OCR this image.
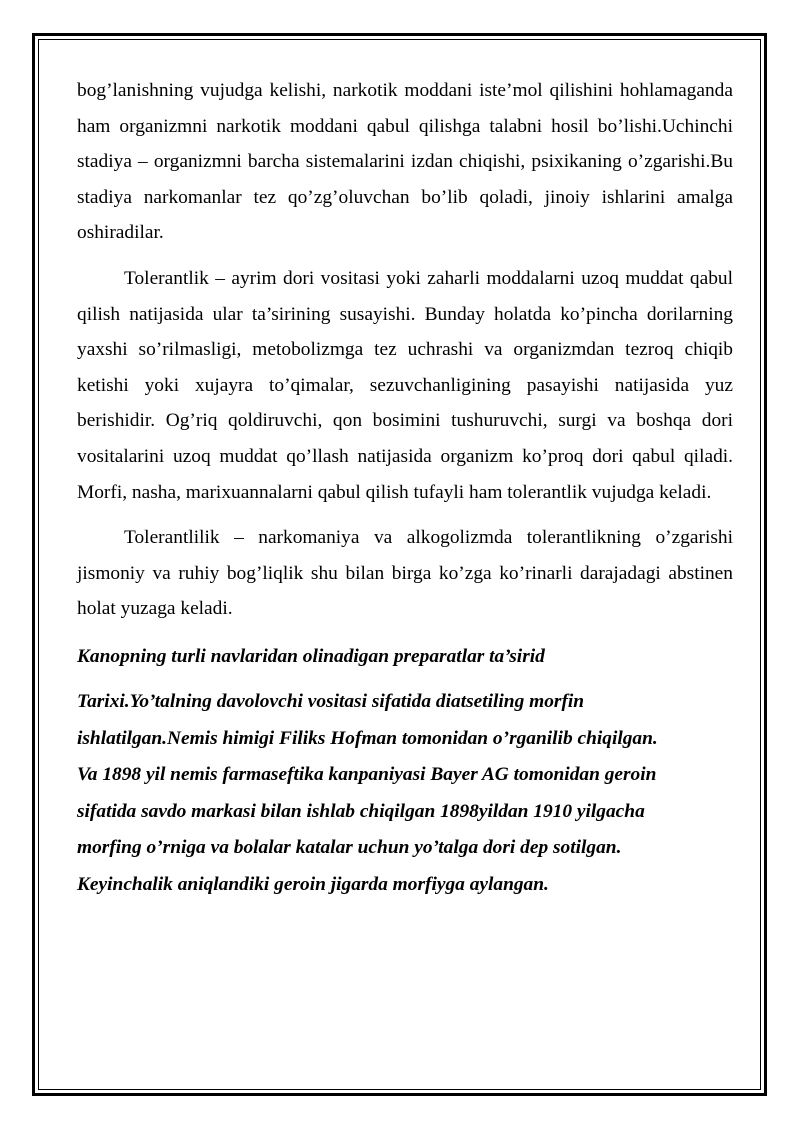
bog’lanishning vujudga kelishi, narkotik moddani iste’mol qilishini hohlamaganda ham organizmni narkotik moddani qabul qilishga talabni hosil bo’lishi.Uchinchi stadiya – organizmni barcha sistemalarini izdan chiqishi, psixikaning o’zgarishi.Bu stadiya narkomanlar tez qo’zg’oluvchan bo’lib qoladi, jinoiy ishlarini amalga oshiradilar.

Tolerantlik – ayrim dori vositasi yoki zaharli moddalarni uzoq muddat qabul qilish natijasida ular ta’sirining susayishi. Bunday holatda ko’pincha dorilarning yaxshi so’rilmasligi, metobolizmga tez uchrashi va organizmdan tezroq chiqib ketishi yoki xujayra to’qimalar, sezuvchanligining pasayishi natijasida yuz berishidir. Og’riq qoldiruvchi, qon bosimini tushuruvchi, surgi va boshqa dori vositalarini uzoq muddat qo’llash natijasida organizm ko’proq dori qabul qiladi. Morfi, nasha, marixuannalarni qabul qilish tufayli ham tolerantlik vujudga keladi.

Tolerantlilik – narkomaniya va alkogolizmda tolerantlikning o’zgarishi jismoniy va ruhiy bog’liqlik shu bilan birga ko’zga ko’rinarli darajadagi abstinen holat yuzaga keladi.

Kanopning turli navlaridan olinadigan preparatlar ta’sirid

Tarixi.Yo’talning davolovchi vositasi sifatida diatsetiling morfin
ishlatilgan.Nemis himigi Filiks Hofman tomonidan o’rganilib chiqilgan.
Va 1898 yil nemis farmaseftika kanpaniyasi Bayer AG tomonidan geroin
sifatida savdo markasi bilan ishlab chiqilgan 1898yildan 1910 yilgacha
morfing o’rniga va bolalar katalar uchun yo’talga dori dep sotilgan.
Keyinchalik aniqlandiki geroin jigarda morfiyga aylangan.
